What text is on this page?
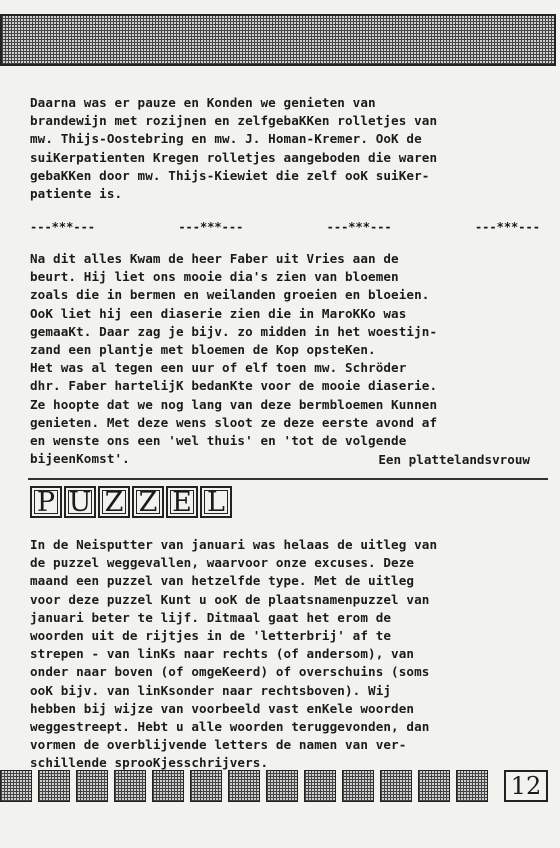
Daarna was er pauze en Konden we genieten van
brandewijn met rozijnen en zelfgebaKKen rolletjes van
mw. Thijs-Oostebring en mw. J. Homan-Kremer. OoK de
suiKerpatienten Kregen rolletjes aangeboden die waren
gebaKKen door mw. Thijs-Kiewiet die zelf ooK suiKer-
patiente is.
---***---	---***---	---***---	---***---
Na dit alles Kwam de heer Faber uit Vries aan de
beurt. Hij liet ons mooie dia's zien van bloemen
zoals die in bermen en weilanden groeien en bloeien.
OoK liet hij een diaserie zien die in MaroKKo was
gemaaKt. Daar zag je bijv. zo midden in het woestijn-
zand een plantje met bloemen de Kop opsteKen.
Het was al tegen een uur of elf toen mw. Schröder
dhr. Faber hartelijK bedanKte voor de mooie diaserie.
Ze hoopte dat we nog lang van deze bermbloemen Kunnen
genieten. Met deze wens sloot ze deze eerste avond af
en wenste ons een 'wel thuis' en 'tot de volgende
bijeenKomst'.	Een plattelandsvrouw
P U Z Z E L
In de Neisputter van januari was helaas de uitleg van
de puzzel weggevallen, waarvoor onze excuses. Deze
maand een puzzel van hetzelfde type. Met de uitleg
voor deze puzzel Kunt u ooK de plaatsnamenpuzzel van
januari beter te lijf. Ditmaal gaat het erom de
woorden uit de rijtjes in de 'letterbrij' af te
strepen - van linKs naar rechts (of andersom), van
onder naar boven (of omgeKeerd) of overschuins (soms
ooK bijv. van linKsonder naar rechtsboven). Wij
hebben bij wijze van voorbeeld vast enKele woorden
weggestreept. Hebt u alle woorden teruggevonden, dan
vormen de overblijvende letters de namen van ver-
schillende sprooKjesschrijvers.
12
